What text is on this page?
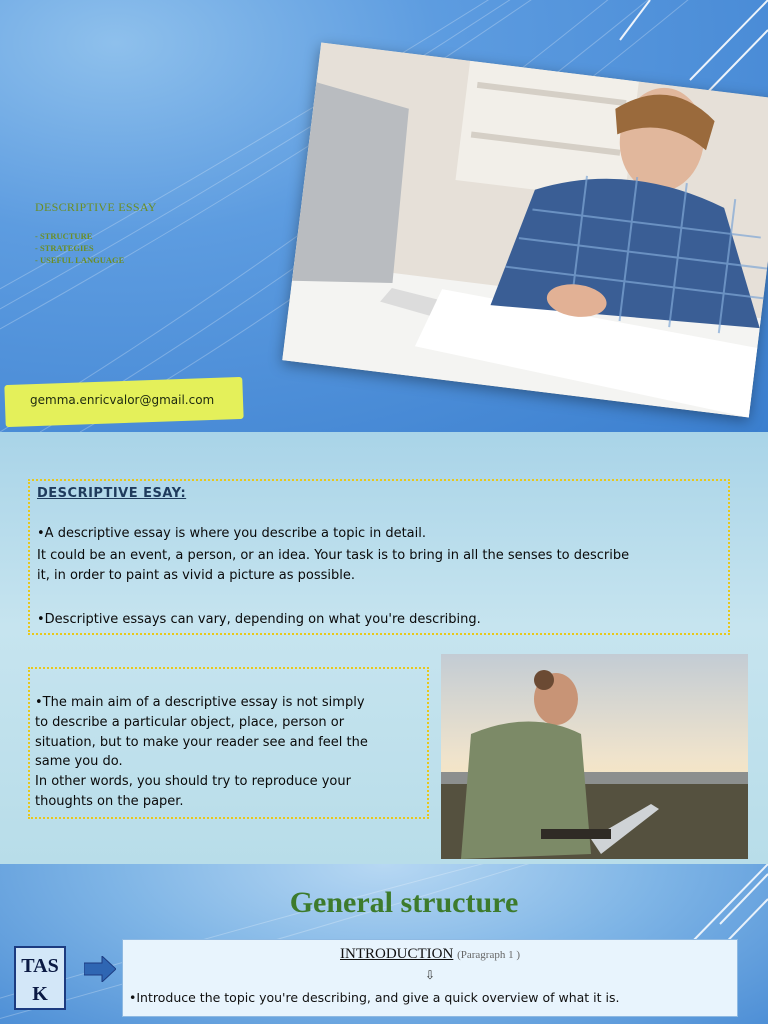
DESCRIPTIVE ESSAY
- STRUCTURE
- STRATEGIES
- USEFUL LANGUAGE
gemma.enricvalor@gmail.com

DESCRIPTIVE ESAY:

•A descriptive essay is where you describe a topic in detail.

It could be an event, a person, or an idea. Your task is to bring in all the senses to describe

it, in order to paint as vivid a picture as possible.

•Descriptive essays can vary, depending on what you're describing.

•The main aim of a descriptive essay is not simply

to describe a particular object, place, person or

situation, but to make your reader see and feel the

same you do.

In other words, you should try to reproduce your

thoughts on the paper.

General structure
TASK
INTRODUCTION (Paragraph 1 )
⇩
•Introduce the topic you're describing, and give a quick overview of what it is.
